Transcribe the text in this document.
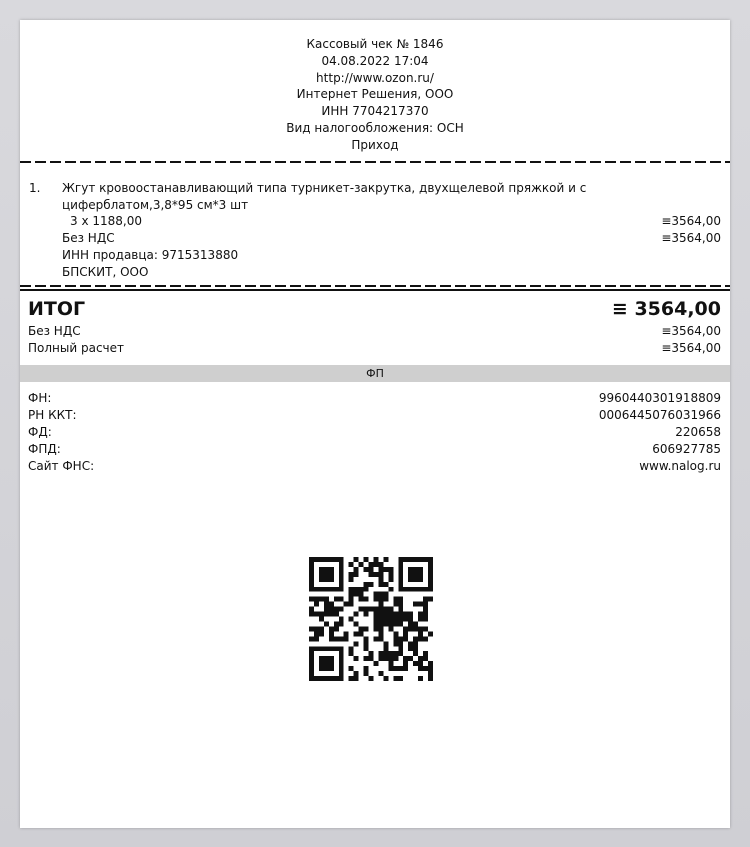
Кассовый чек № 1846
04.08.2022 17:04
http://www.ozon.ru/
Интернет Решения, ООО
ИНН 7704217370
Вид налогообложения: ОСН
Приход
1. Жгут кровоостанавливающий типа турникет-закрутка, двухщелевой пряжкой и с циферблатом,3,8*95 см*3 шт
3 x 1188,00	≡3564,00
Без НДС	≡3564,00
ИНН продавца: 9715313880
БПСКИТ, ООО
ИТОГ	≡ 3564,00
Без НДС	≡3564,00
Полный расчет	≡3564,00
ФП
ФН:	9960440301918809
РН ККТ:	0006445076031966
ФД:	220658
ФПД:	606927785
Сайт ФНС:	www.nalog.ru
